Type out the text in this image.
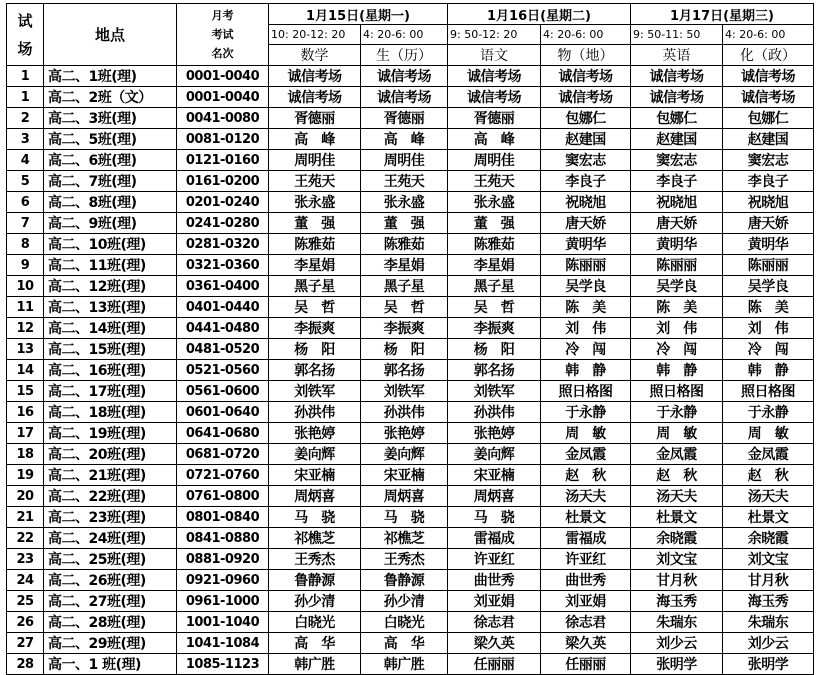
试
场	地点	月考
考试
名次	1月15日(星期一)		1月16日(星期二)		1月17日(星期三)	
			10: 20-12: 20	4: 20-6: 00	9: 50-12: 20	4: 20-6: 00	9: 50-11: 50	4: 20-6: 00
			数学	生（历）	语文	物（地）	英语	化（政）
1	高二、1班(理)	0001-0040	诚信考场	诚信考场	诚信考场	诚信考场	诚信考场	诚信考场
1	高二、2班（文）	0001-0040	诚信考场	诚信考场	诚信考场	诚信考场	诚信考场	诚信考场
2	高二、3班(理)	0041-0080	胥德丽	胥德丽	胥德丽	包娜仁	包娜仁	包娜仁
3	高二、5班(理)	0081-0120	高　峰	高　峰	高　峰	赵建国	赵建国	赵建国
4	高二、6班(理)	0121-0160	周明佳	周明佳	周明佳	窦宏志	窦宏志	窦宏志
5	高二、7班(理)	0161-0200	王苑天	王苑天	王苑天	李良子	李良子	李良子
6	高二、8班(理)	0201-0240	张永盛	张永盛	张永盛	祝晓旭	祝晓旭	祝晓旭
7	高二、9班(理)	0241-0280	董　强	董　强	董　强	唐天娇	唐天娇	唐天娇
8	高二、10班(理)	0281-0320	陈雅茹	陈雅茹	陈雅茹	黄明华	黄明华	黄明华
9	高二、11班(理)	0321-0360	李星娟	李星娟	李星娟	陈丽丽	陈丽丽	陈丽丽
10	高二、12班(理)	0361-0400	黑子星	黑子星	黑子星	吴学良	吴学良	吴学良
11	高二、13班(理)	0401-0440	吴　哲	吴　哲	吴　哲	陈　美	陈　美	陈　美
12	高二、14班(理)	0441-0480	李振爽	李振爽	李振爽	刘　伟	刘　伟	刘　伟
13	高二、15班(理)	0481-0520	杨　阳	杨　阳	杨　阳	冷　闯	冷　闯	冷　闯
14	高二、16班(理)	0521-0560	郭名扬	郭名扬	郭名扬	韩　静	韩　静	韩　静
15	高二、17班(理)	0561-0600	刘铁军	刘铁军	刘铁军	照日格图	照日格图	照日格图
16	高二、18班(理)	0601-0640	孙洪伟	孙洪伟	孙洪伟	于永静	于永静	于永静
17	高二、19班(理)	0641-0680	张艳婷	张艳婷	张艳婷	周　敏	周　敏	周　敏
18	高二、20班(理)	0681-0720	姜向辉	姜向辉	姜向辉	金凤霞	金凤霞	金凤霞
19	高二、21班(理)	0721-0760	宋亚楠	宋亚楠	宋亚楠	赵　秋	赵　秋	赵　秋
20	高二、22班(理)	0761-0800	周炳喜	周炳喜	周炳喜	汤天夫	汤天夫	汤天夫
21	高二、23班(理)	0801-0840	马　骁	马　骁	马　骁	杜景文	杜景文	杜景文
22	高二、24班(理)	0841-0880	祁樵芝	祁樵芝	雷福成	雷福成	余晓霞	余晓霞
23	高二、25班(理)	0881-0920	王秀杰	王秀杰	许亚红	许亚红	刘文宝	刘文宝
24	高二、26班(理)	0921-0960	鲁静源	鲁静源	曲世秀	曲世秀	甘月秋	甘月秋
25	高二、27班(理)	0961-1000	孙少清	孙少清	刘亚娟	刘亚娟	海玉秀	海玉秀
26	高二、28班(理)	1001-1040	白晓光	白晓光	徐志君	徐志君	朱瑞东	朱瑞东
27	高二、29班(理)	1041-1084	高　华	高　华	梁久英	梁久英	刘少云	刘少云
28	高一、1 班(理)	1085-1123	韩广胜	韩广胜	任丽丽	任丽丽	张明学	张明学
